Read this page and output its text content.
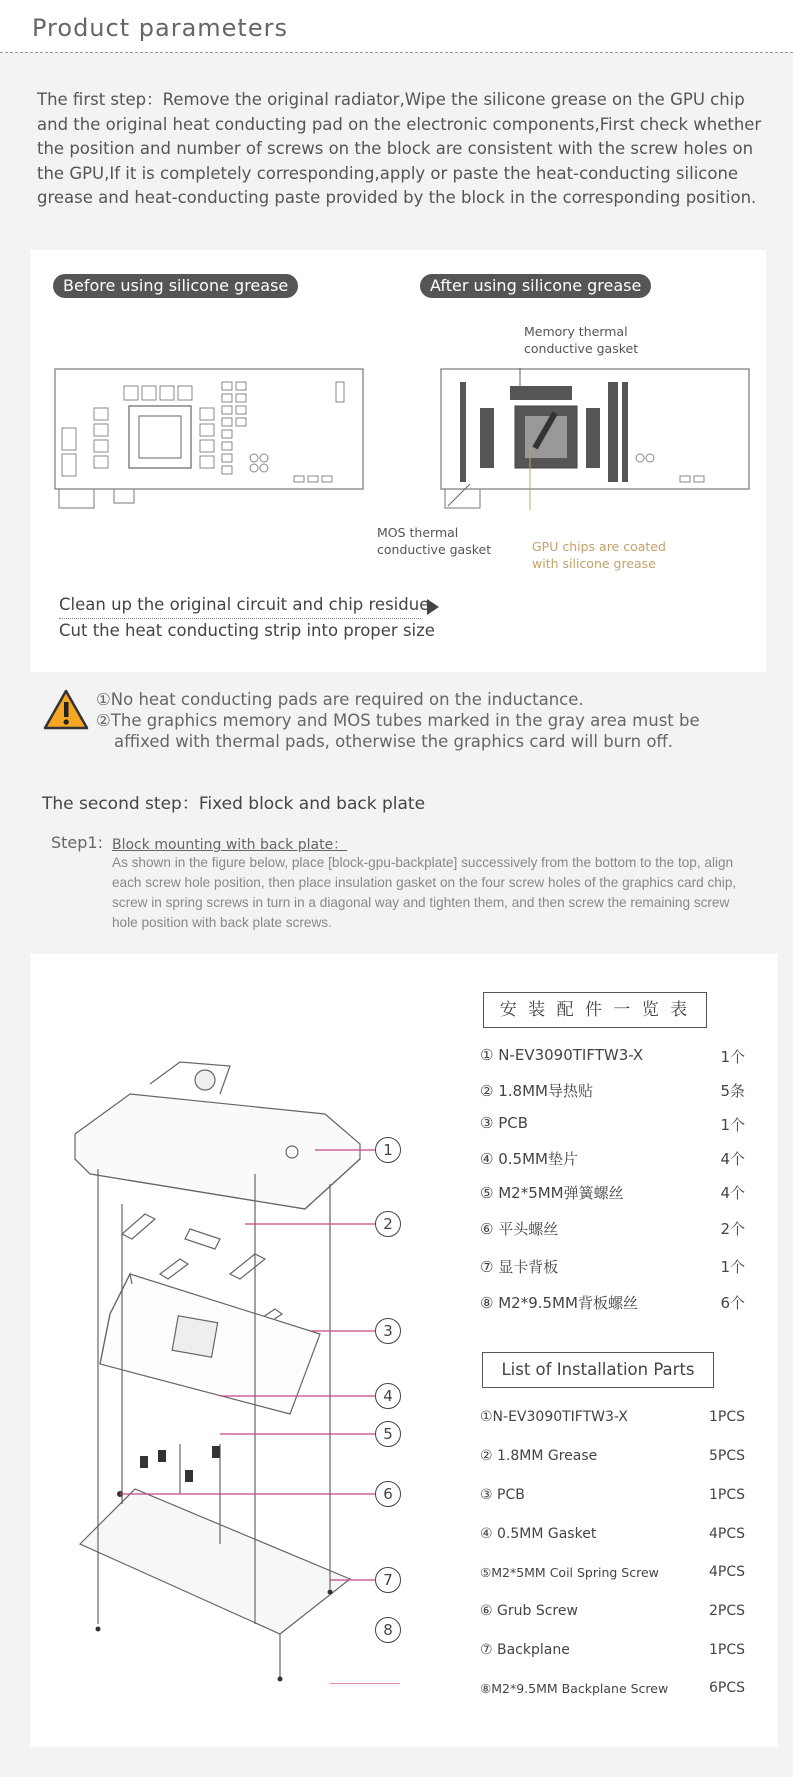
Product parameters
The first step：Remove the original radiator,Wipe the silicone grease on the GPU chip and the original heat conducting pad on the electronic components,First check whether the position and number of screws on the block are consistent with the screw holes on the GPU,If it is completely corresponding,apply or paste the heat-conducting silicone grease and heat-conducting paste provided by the block in the corresponding position.
Before using silicone grease	After using silicone grease
Memory thermal
conductive gasket
MOS thermal
conductive gasket	GPU chips are coated
with silicone grease
Clean up the original circuit and chip residue
Cut the heat conducting strip into proper size
①No heat conducting pads are required on the inductance.
②The graphics memory and MOS tubes marked in the gray area must be
affixed with thermal pads, otherwise the graphics card will burn off.
The second step：Fixed block and back plate
Step1: Block mounting with back plate：
As shown in the figure below, place [block-gpu-backplate] successively from the bottom to the top, align each screw hole position, then place insulation gasket on the four screw holes of the graphics card chip, screw in spring screws in turn in a diagonal way and tighten them, and then screw the remaining screw hole position with back plate screws.
1
2
3
4
5
6
7
8
安 装 配 件 一 览 表
① N-EV3090TIFTW3-X	1个
② 1.8MM导热贴	5条
③ PCB	1个
④ 0.5MM垫片	4个
⑤ M2*5MM弹簧螺丝	4个
⑥ 平头螺丝	2个
⑦ 显卡背板	1个
⑧ M2*9.5MM背板螺丝	6个
List of Installation Parts
①N-EV3090TIFTW3-X	1PCS
② 1.8MM Grease	5PCS
③ PCB	1PCS
④ 0.5MM Gasket	4PCS
⑤M2*5MM Coil Spring Screw	4PCS
⑥ Grub Screw	2PCS
⑦ Backplane	1PCS
⑧M2*9.5MM Backplane Screw	6PCS
